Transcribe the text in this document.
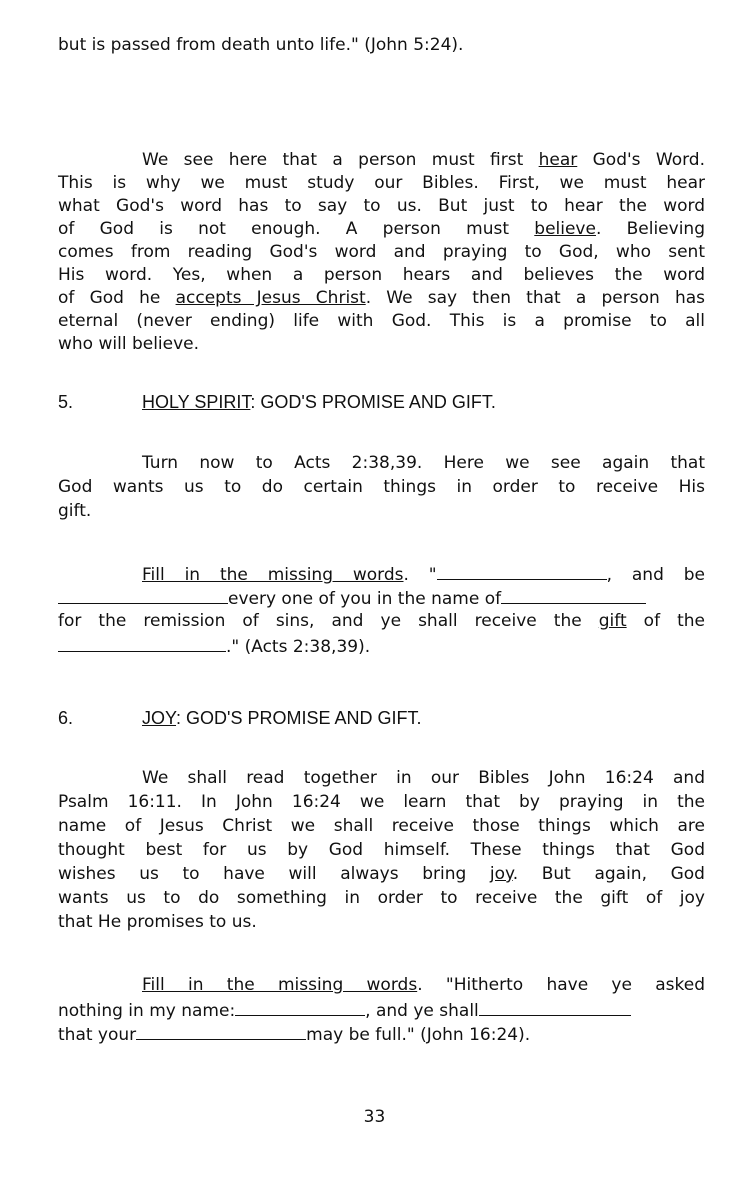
but is passed from death unto life." (John 5:24).
We see here that a person must first hear God's Word.
This is why we must study our Bibles. First, we must hear
what God's word has to say to us. But just to hear the word
of God is not enough. A person must believe. Believing
comes from reading God's word and praying to God, who sent
His word. Yes, when a person hears and believes the word
of God he accepts Jesus Christ. We say then that a person has
eternal (never ending) life with God. This is a promise to all
who will believe.
5.	HOLY SPIRIT: GOD'S PROMISE AND GIFT.
Turn now to Acts 2:38,39. Here we see again that
God wants us to do certain things in order to receive His
gift.
Fill in the missing words. "	, and be
every one of you in the name of
for the remission of sins, and ye shall receive the gift of the
." (Acts 2:38,39).
6.	JOY: GOD'S PROMISE AND GIFT.
We shall read together in our Bibles John 16:24 and
Psalm 16:11. In John 16:24 we learn that by praying in the
name of Jesus Christ we shall receive those things which are
thought best for us by God himself. These things that God
wishes us to have will always bring joy. But again, God
wants us to do something in order to receive the gift of joy
that He promises to us.
Fill in the missing words. "Hitherto have ye asked
nothing in my name:	, and ye shall
that your	may be full." (John 16:24).
33
